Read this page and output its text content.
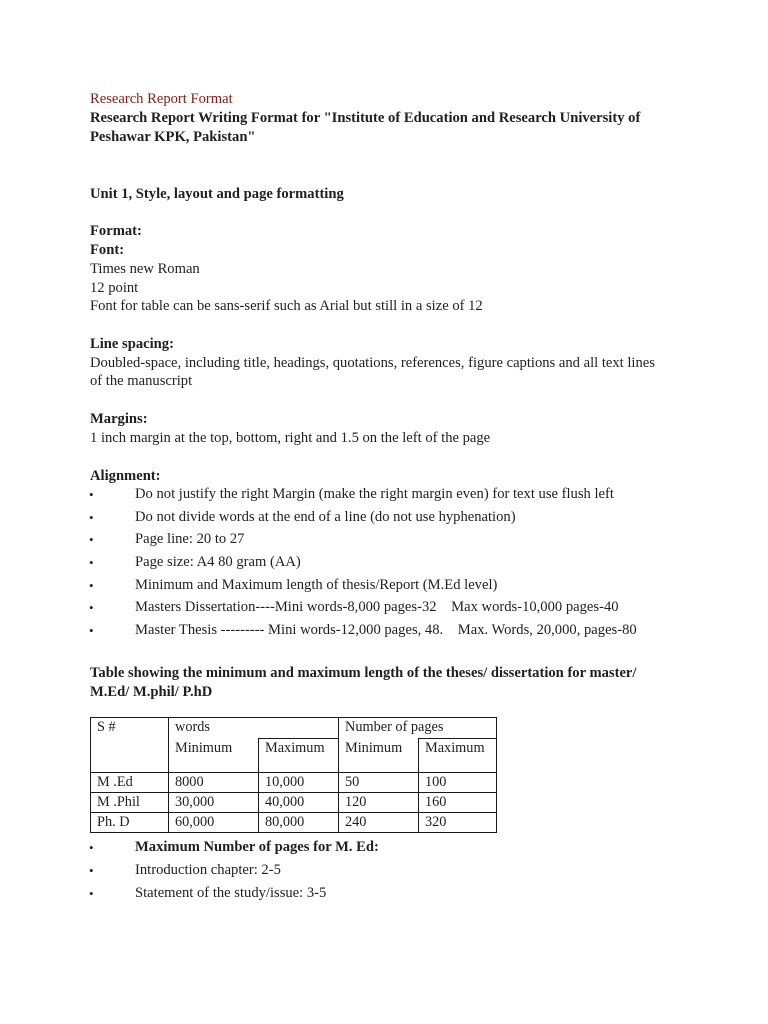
Research Report Format
Research Report Writing Format for "Institute of Education and Research University of
Peshawar KPK, Pakistan"
Unit 1, Style, layout and page formatting
Format:
Font:
Times new Roman
12 point
Font for table can be sans-serif such as Arial but still in a size of 12
Line spacing:
Doubled-space, including title, headings, quotations, references, figure captions and all text lines
of the manuscript
Margins:
1 inch margin at the top, bottom, right and 1.5 on the left of the page
Alignment:
•	Do not justify the right Margin (make the right margin even) for text use flush left
•	Do not divide words at the end of a line (do not use hyphenation)
•	Page line: 20 to 27
•	Page size: A4 80 gram (AA)
•	Minimum and Maximum length of thesis/Report (M.Ed level)
•	Masters Dissertation----Mini words-8,000 pages-32    Max words-10,000 pages-40
•	Master Thesis --------- Mini words-12,000 pages, 48.    Max. Words, 20,000, pages-80
Table showing the minimum and maximum length of the theses/ dissertation for master/
M.Ed/ M.phil/ P.hD
S #	words		Number of pages	
	Minimum	Maximum	Minimum	Maximum
M .Ed	8000	10,000	50	100
M .Phil	30,000	40,000	120	160
Ph. D	60,000	80,000	240	320
•	Maximum Number of pages for M. Ed:
•	Introduction chapter: 2-5
•	Statement of the study/issue: 3-5
